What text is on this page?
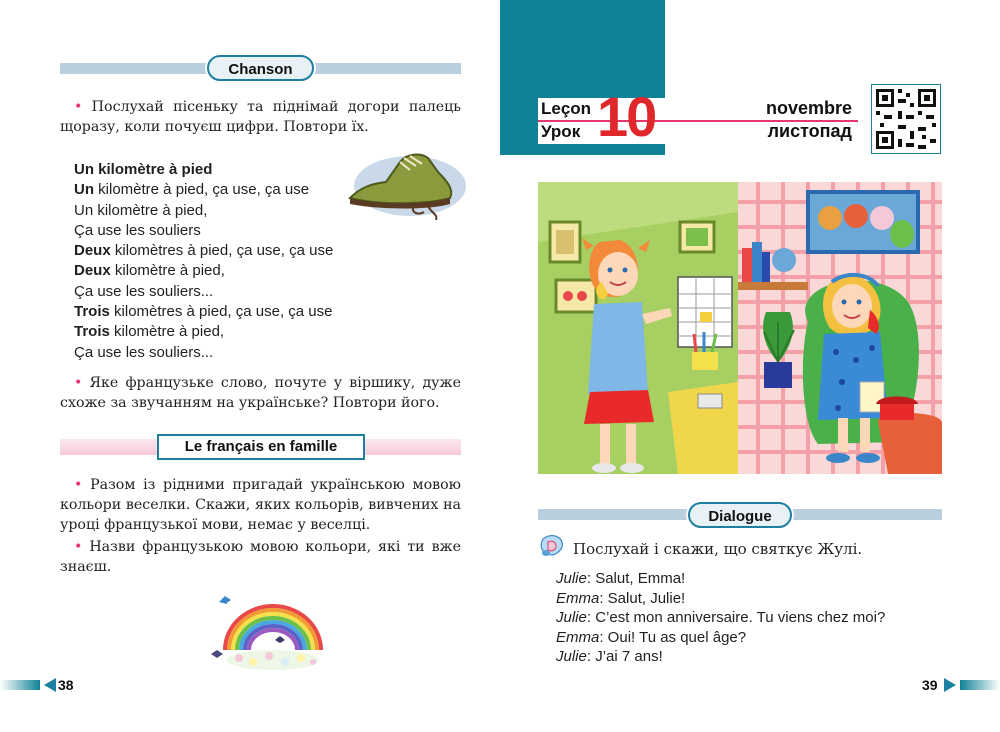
Chanson
• Послухай пісеньку та піднімай догори палець щоразу, коли почуєш цифри. Повтори їх.
Un kilomètre à pied
Un kilomètre à pied, ça use, ça use
Un kilomètre à pied,
Ça use les souliers
Deux kilomètres à pied, ça use, ça use
Deux kilomètre à pied,
Ça use les souliers...
Trois kilomètres à pied, ça use, ça use
Trois kilomètre à pied,
Ça use les souliers...
• Яке французьке слово, почуте у віршику, дуже схоже за звучанням на українське? Повтори його.
Le français en famille
• Разом із рідними пригадай українською мовою кольори веселки. Скажи, яких кольорів, вивчених на уроці французької мови, немає у веселці.
• Назви французькою мовою кольори, які ти вже знаєш.
38
Leçon
Урок 10	novembre
листопад
Dialogue
Послухай і скажи, що святкує Жулі.
Julie: Salut, Emma!
Emma: Salut, Julie!
Julie: C’est mon anniversaire. Tu viens chez moi?
Emma: Oui! Tu as quel âge?
Julie: J’ai 7 ans!
39
